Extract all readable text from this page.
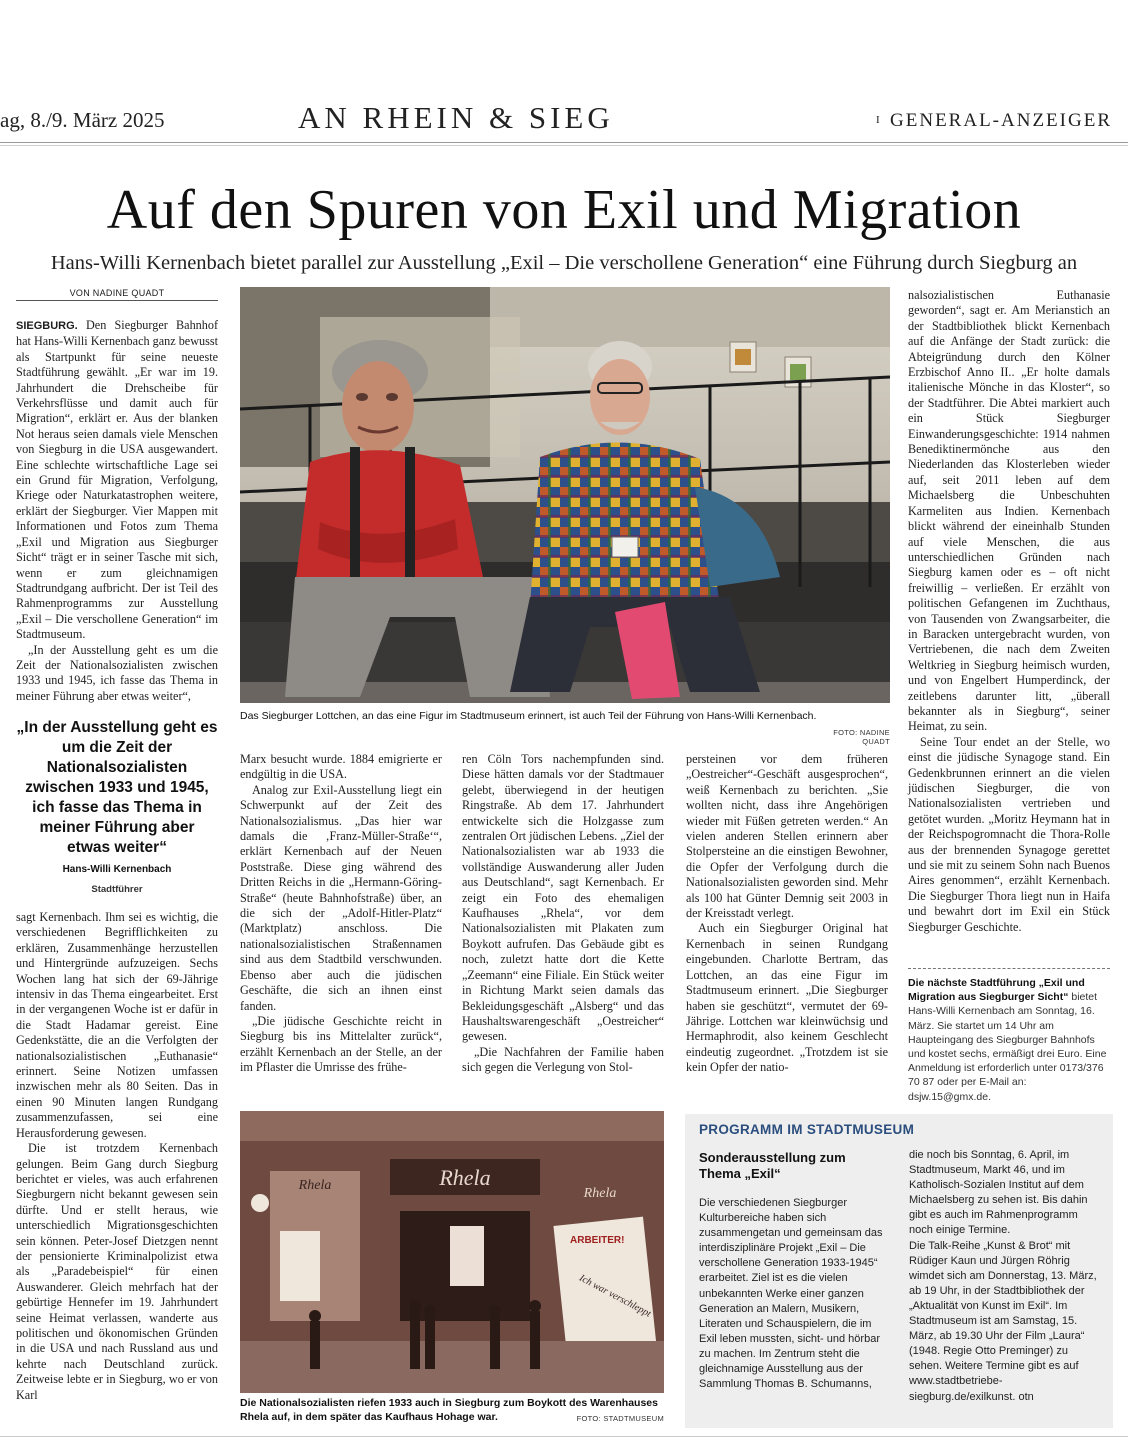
ag, 8./9. März 2025	AN RHEIN & SIEG	I GENERAL-ANZEIGER
Auf den Spuren von Exil und Migration
Hans-Willi Kernenbach bietet parallel zur Ausstellung „Exil – Die verschollene Generation“ eine Führung durch Siegburg an
VON NADINE QUADT

SIEGBURG. Den Siegburger Bahnhof hat Hans-Willi Kernenbach ganz bewusst als Startpunkt für seine neueste Stadtführung gewählt. „Er war im 19. Jahrhundert die Drehscheibe für Verkehrsflüsse und damit auch für Migration“, erklärt er. Aus der blanken Not heraus seien damals viele Menschen von Siegburg in die USA ausgewandert. Eine schlechte wirtschaftliche Lage sei ein Grund für Migration, Verfolgung, Kriege oder Naturkatastrophen weitere, erklärt der Siegburger. Vier Mappen mit Informationen und Fotos zum Thema „Exil und Migration aus Siegburger Sicht“ trägt er in seiner Tasche mit sich, wenn er zum gleichnamigen Stadtrundgang aufbricht. Der ist Teil des Rahmenprogramms zur Ausstellung „Exil – Die verschollene Generation“ im Stadtmuseum.

„In der Ausstellung geht es um die Zeit der Nationalsozialisten zwischen 1933 und 1945, ich fasse das Thema in meiner Führung aber etwas weiter“,

„In der Ausstellung geht es um die Zeit der Nationalsozialisten zwischen 1933 und 1945, ich fasse das Thema in meiner Führung aber etwas weiter“
Hans-Willi Kernenbach
Stadtführer

sagt Kernenbach. Ihm sei es wichtig, die verschiedenen Begrifflichkeiten zu erklären, Zusammenhänge herzustellen und Hintergründe aufzuzeigen. Sechs Wochen lang hat sich der 69-Jährige intensiv in das Thema eingearbeitet. Erst in der vergangenen Woche ist er dafür in die Stadt Hadamar gereist. Eine Gedenkstätte, die an die Verfolgten der nationalsozialistischen „Euthanasie“ erinnert. Seine Notizen umfassen inzwischen mehr als 80 Seiten. Das in einen 90 Minuten langen Rundgang zusammenzufassen, sei eine Herausforderung gewesen.

Die ist trotzdem Kernenbach gelungen. Beim Gang durch Siegburg berichtet er vieles, was auch erfahrenen Siegburgern nicht bekannt gewesen sein dürfte. Und er stellt heraus, wie unterschiedlich Migrationsgeschichten sein können. Peter-Josef Dietzgen nennt der pensionierte Kriminalpolizist etwa als „Paradebeispiel“ für einen Auswanderer. Gleich mehrfach hat der gebürtige Hennefer im 19. Jahrhundert seine Heimat verlassen, wanderte aus politischen und ökonomischen Gründen in die USA und nach Russland aus und kehrte nach Deutschland zurück. Zeitweise lebte er in Siegburg, wo er von Karl

Das Siegburger Lottchen, an das eine Figur im Stadtmuseum erinnert, ist auch Teil der Führung von Hans-Willi Kernenbach.
FOTO: NADINE QUADT

Marx besucht wurde. 1884 emigrierte er endgültig in die USA.

Analog zur Exil-Ausstellung liegt ein Schwerpunkt auf der Zeit des Nationalsozialismus. „Das hier war damals die ‚Franz-Müller-Straße‘“, erklärt Kernenbach auf der Neuen Poststraße. Diese ging während des Dritten Reichs in die „Hermann-Göring-Straße“ (heute Bahnhofstraße) über, an die sich der „Adolf-Hitler-Platz“ (Marktplatz) anschloss. Die nationalsozialistischen Straßennamen sind aus dem Stadtbild verschwunden. Ebenso aber auch die jüdischen Geschäfte, die sich an ihnen einst fanden.

„Die jüdische Geschichte reicht in Siegburg bis ins Mittelalter zurück“, erzählt Kernenbach an der Stelle, an der im Pflaster die Umrisse des frühe-

ren Cöln Tors nachempfunden sind. Diese hätten damals vor der Stadtmauer gelebt, überwiegend in der heutigen Ringstraße. Ab dem 17. Jahrhundert entwickelte sich die Holzgasse zum zentralen Ort jüdischen Lebens. „Ziel der Nationalsozialisten war ab 1933 die vollständige Auswanderung aller Juden aus Deutschland“, sagt Kernenbach. Er zeigt ein Foto des ehemaligen Kaufhauses „Rhela“, vor dem Nationalsozialisten mit Plakaten zum Boykott aufrufen. Das Gebäude gibt es noch, zuletzt hatte dort die Kette „Zeemann“ eine Filiale. Ein Stück weiter in Richtung Markt seien damals das Bekleidungsgeschäft „Alsberg“ und das Haushaltswarengeschäft „Oestreicher“ gewesen.

„Die Nachfahren der Familie haben sich gegen die Verlegung von Stol-

persteinen vor dem früheren „Oestreicher“-Geschäft ausgesprochen“, weiß Kernenbach zu berichten. „Sie wollten nicht, dass ihre Angehörigen wieder mit Füßen getreten werden.“ An vielen anderen Stellen erinnern aber Stolpersteine an die einstigen Bewohner, die Opfer der Verfolgung durch die Nationalsozialisten geworden sind. Mehr als 100 hat Günter Demnig seit 2003 in der Kreisstadt verlegt.

Auch ein Siegburger Original hat Kernenbach in seinen Rundgang eingebunden. Charlotte Bertram, das Lottchen, an das eine Figur im Stadtmuseum erinnert. „Die Siegburger haben sie geschützt“, vermutet der 69-Jährige. Lottchen war kleinwüchsig und Hermaphrodit, also keinem Geschlecht eindeutig zugeordnet. „Trotzdem ist sie kein Opfer der natio-

nalsozialistischen Euthanasie geworden“, sagt er. Am Merianstich an der Stadtbibliothek blickt Kernenbach auf die Anfänge der Stadt zurück: die Abteigründung durch den Kölner Erzbischof Anno II.. „Er holte damals italienische Mönche in das Kloster“, so der Stadtführer. Die Abtei markiert auch ein Stück Siegburger Einwanderungsgeschichte: 1914 nahmen Benediktinermönche aus den Niederlanden das Klosterleben wieder auf, seit 2011 leben auf dem Michaelsberg die Unbeschuhten Karmeliten aus Indien. Kernenbach blickt während der eineinhalb Stunden auf viele Menschen, die aus unterschiedlichen Gründen nach Siegburg kamen oder es – oft nicht freiwillig – verließen. Er erzählt von politischen Gefangenen im Zuchthaus, von Tausenden von Zwangsarbeiter, die in Baracken untergebracht wurden, von Vertriebenen, die nach dem Zweiten Weltkrieg in Siegburg heimisch wurden, und von Engelbert Humperdinck, der zeitlebens darunter litt, „überall bekannter als in Siegburg“, seiner Heimat, zu sein.

Seine Tour endet an der Stelle, wo einst die jüdische Synagoge stand. Ein Gedenkbrunnen erinnert an die vielen jüdischen Siegburger, die von Nationalsozialisten vertrieben und getötet wurden. „Moritz Heymann hat in der Reichspogromnacht die Thora-Rolle aus der brennenden Synagoge gerettet und sie mit zu seinem Sohn nach Buenos Aires genommen“, erzählt Kernenbach. Die Siegburger Thora liegt nun in Haifa und bewahrt dort im Exil ein Stück Siegburger Geschichte.

Die nächste Stadtführung „Exil und Migration aus Siegburger Sicht“ bietet Hans-Willi Kernenbach am Sonntag, 16. März. Sie startet um 14 Uhr am Haupteingang des Siegburger Bahnhofs und kostet sechs, ermäßigt drei Euro. Eine Anmeldung ist erforderlich unter 0173/376 70 87 oder per E-Mail an: dsjw.15@gmx.de.
Rhela
Rhela
Rhela
ARBEITER!
Ich war verschleppt
Die Nationalsozialisten riefen 1933 auch in Siegburg zum Boykott des Warenhauses Rhela auf, in dem später das Kaufhaus Hohage war.	FOTO: STADTMUSEUM
PROGRAMM IM STADTMUSEUM
Sonderausstellung zum Thema „Exil“

Die verschiedenen Siegburger Kulturbereiche haben sich zusammengetan und gemeinsam das interdisziplinäre Projekt „Exil – Die verschollene Generation 1933-1945“ erarbeitet. Ziel ist es die vielen unbekannten Werke einer ganzen Generation an Malern, Musikern, Literaten und Schauspielern, die im Exil leben mussten, sicht- und hörbar zu machen. Im Zentrum steht die gleichnamige Ausstellung aus der Sammlung Thomas B. Schumanns,

die noch bis Sonntag, 6. April, im Stadtmuseum, Markt 46, und im Katholisch-Sozialen Institut auf dem Michaelsberg zu sehen ist. Bis dahin gibt es auch im Rahmenprogramm noch einige Termine.

Die Talk-Reihe „Kunst & Brot“ mit Rüdiger Kaun und Jürgen Röhrig wimdet sich am Donnerstag, 13. März, ab 19 Uhr, in der Stadtbibliothek der „Aktualität von Kunst im Exil“. Im Stadtmuseum ist am Samstag, 15. März, ab 19.30 Uhr der Film „Laura“ (1948. Regie Otto Preminger) zu sehen. Weitere Termine gibt es auf www.stadtbetriebe-siegburg.de/exilkunst. otn
